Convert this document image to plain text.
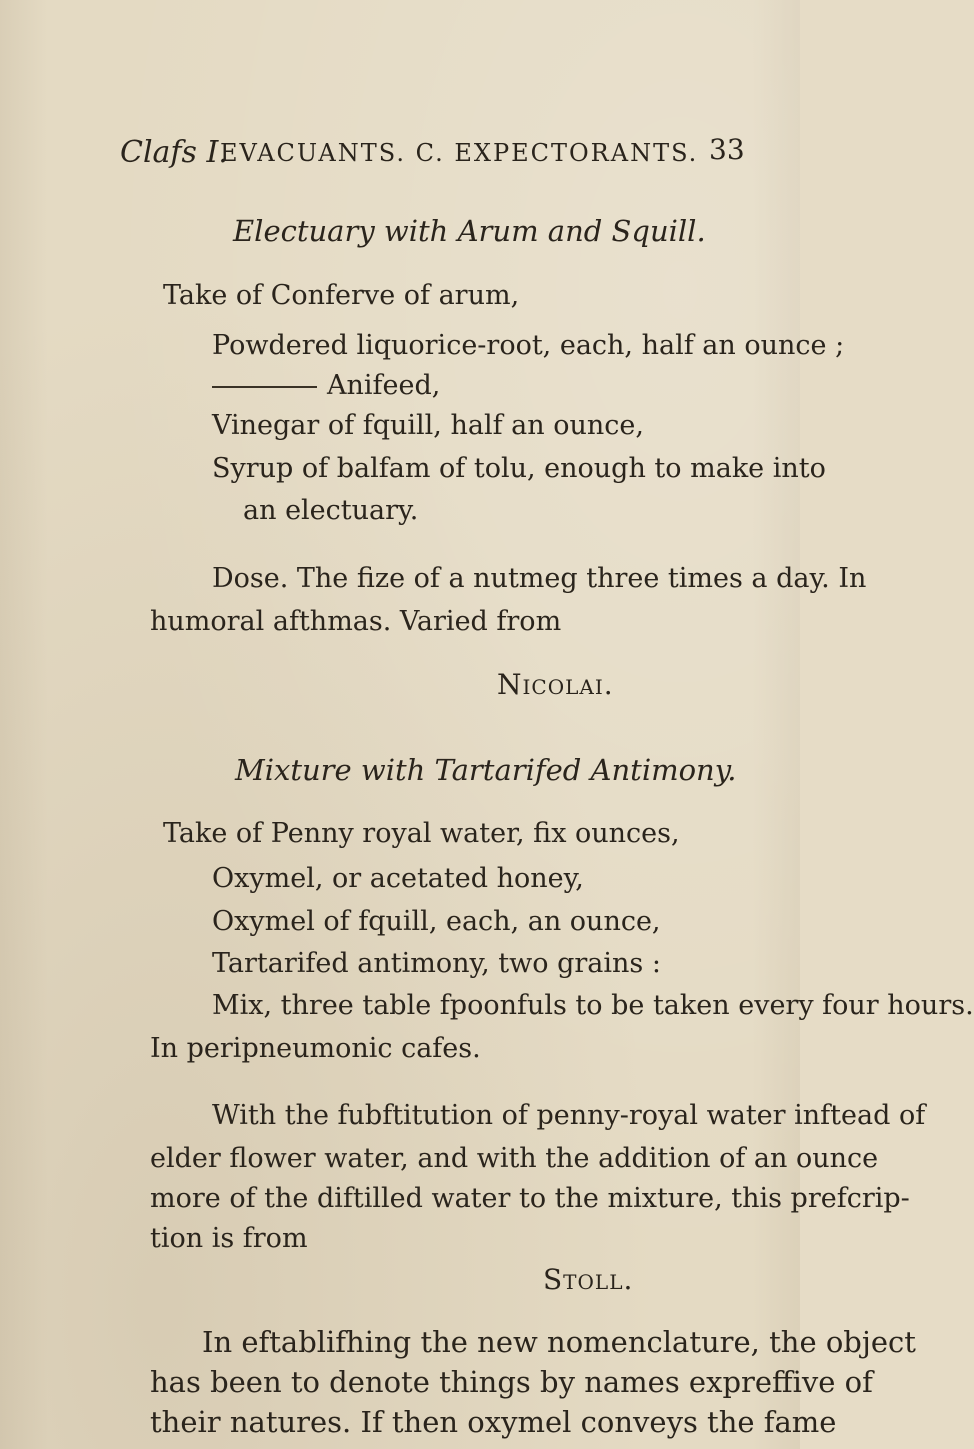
Clafs I.
EVACUANTS. C. EXPECTORANTS. 33
Electuary with Arum and Squill.
Take of Conferve of arum,
Powdered liquorice-root, each, half an ounce ;
Anifeed,
Vinegar of fquill, half an ounce,
Syrup of balfam of tolu, enough to make into
an electuary.
Dose. The fize of a nutmeg three times a day. In
humoral afthmas. Varied from
Nicolai.
Mixture with Tartarifed Antimony.
Take of Penny royal water, fix ounces,
Oxymel, or acetated honey,
Oxymel of fquill, each, an ounce,
Tartarifed antimony, two grains :
Mix, three table fpoonfuls to be taken every four hours.
In peripneumonic cafes.
With the fubftitution of penny-royal water inftead of
elder flower water, and with the addition of an ounce
more of the diftilled water to the mixture, this prefcrip-
tion is from
Stoll.
In eftablifhing the new nomenclature, the object
has been to denote things by names expreffive of
their natures. If then oxymel conveys the fame
